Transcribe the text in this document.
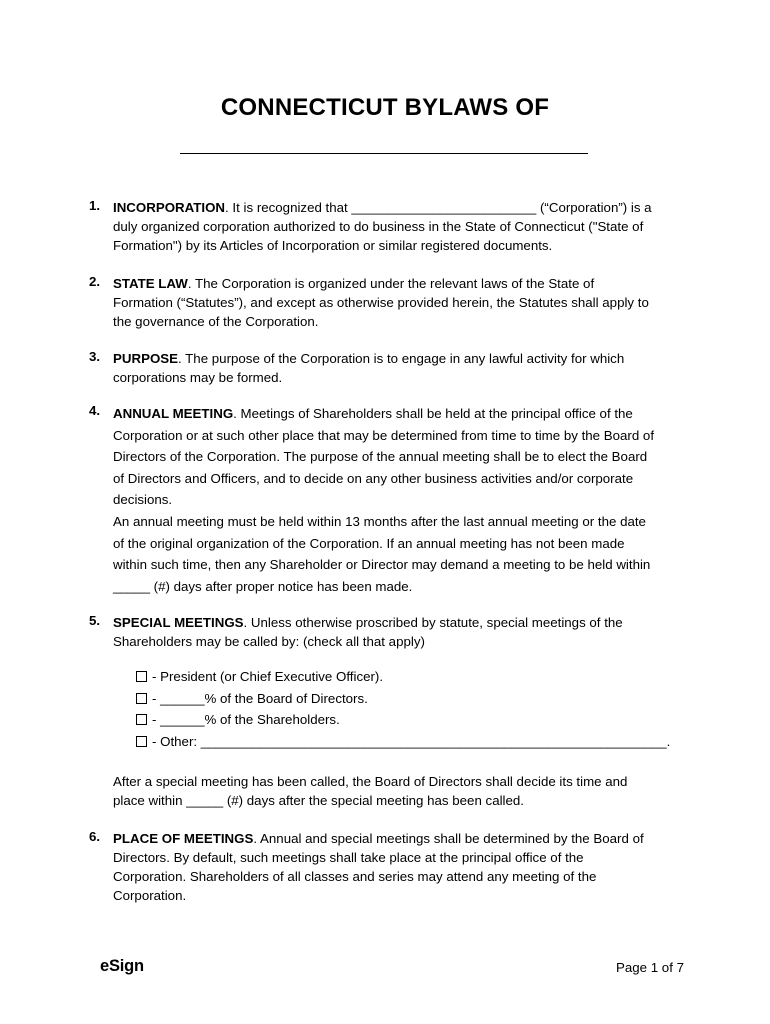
CONNECTICUT BYLAWS OF
1. INCORPORATION. It is recognized that _________________________ (“Corporation”) is a

duly organized corporation authorized to do business in the State of Connecticut ("State of

Formation") by its Articles of Incorporation or similar registered documents.

2. STATE LAW. The Corporation is organized under the relevant laws of the State of

Formation (“Statutes”), and except as otherwise provided herein, the Statutes shall apply to

the governance of the Corporation.

3. PURPOSE. The purpose of the Corporation is to engage in any lawful activity for which

corporations may be formed.

4. ANNUAL MEETING. Meetings of Shareholders shall be held at the principal office of the

Corporation or at such other place that may be determined from time to time by the Board of

Directors of the Corporation. The purpose of the annual meeting shall be to elect the Board

of Directors and Officers, and to decide on any other business activities and/or corporate

decisions.

An annual meeting must be held within 13 months after the last annual meeting or the date

of the original organization of the Corporation. If an annual meeting has not been made

within such time, then any Shareholder or Director may demand a meeting to be held within

_____ (#) days after proper notice has been made.

5. SPECIAL MEETINGS. Unless otherwise proscribed by statute, special meetings of the

Shareholders may be called by: (check all that apply)

- President (or Chief Executive Officer).
- ______% of the Board of Directors.
- ______% of the Shareholders.
- Other: _______________________________________________________________.

After a special meeting has been called, the Board of Directors shall decide its time and

place within _____ (#) days after the special meeting has been called.

6. PLACE OF MEETINGS. Annual and special meetings shall be determined by the Board of

Directors. By default, such meetings shall take place at the principal office of the

Corporation. Shareholders of all classes and series may attend any meeting of the

Corporation.

eSign	Page 1 of 7
